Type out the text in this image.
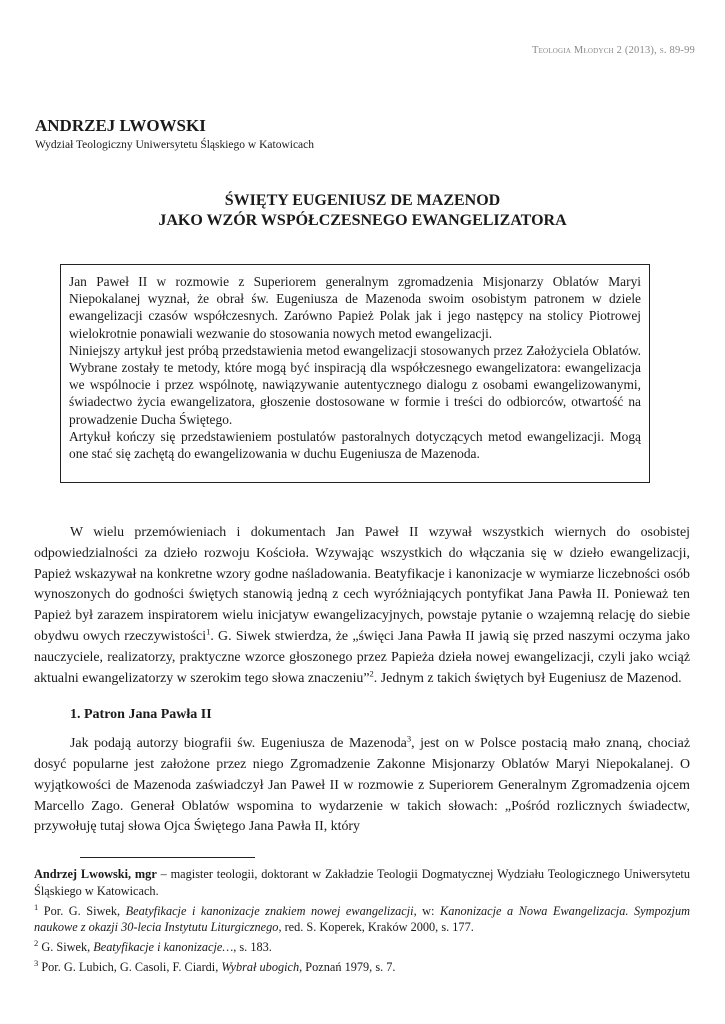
Teologia Młodych 2 (2013), s. 89-99
ANDRZEJ LWOWSKI
Wydział Teologiczny Uniwersytetu Śląskiego w Katowicach
ŚWIĘTY EUGENIUSZ DE MAZENOD
JAKO WZÓR WSPÓŁCZESNEGO EWANGELIZATORA

Jan Paweł II w rozmowie z Superiorem generalnym zgromadzenia Misjonarzy Oblatów Maryi Niepokalanej wyznał, że obrał św. Eugeniusza de Mazenoda swoim osobistym patronem w dziele ewangelizacji czasów współczesnych. Zarówno Papież Polak jak i jego następcy na stolicy Piotrowej wielokrotnie ponawiali wezwanie do stosowania nowych metod ewangelizacji.

Niniejszy artykuł jest próbą przedstawienia metod ewangelizacji stosowanych przez Założyciela Oblatów. Wybrane zostały te metody, które mogą być inspiracją dla współczesnego ewangelizatora: ewangelizacja we wspólnocie i przez wspólnotę, nawiązywanie autentycznego dialogu z osobami ewangelizowanymi, świadectwo życia ewangelizatora, głoszenie dostosowane w formie i treści do odbiorców, otwartość na prowadzenie Ducha Świętego.

Artykuł kończy się przedstawieniem postulatów pastoralnych dotyczących metod ewangelizacji. Mogą one stać się zachętą do ewangelizowania w duchu Eugeniusza de Mazenoda.

W wielu przemówieniach i dokumentach Jan Paweł II wzywał wszystkich wiernych do osobistej odpowiedzialności za dzieło rozwoju Kościoła. Wzywając wszystkich do włączania się w dzieło ewangelizacji, Papież wskazywał na konkretne wzory godne naśladowania. Beatyfikacje i kanonizacje w wymiarze liczebności osób wynoszonych do godności świętych stanowią jedną z cech wyróżniających pontyfikat Jana Pawła II. Ponieważ ten Papież był zarazem inspiratorem wielu inicjatyw ewangelizacyjnych, powstaje pytanie o wzajemną relację do siebie obydwu owych rzeczywistości$^1$. G. Siwek stwierdza, że „święci Jana Pawła II jawią się przed naszymi oczyma jako nauczyciele, realizatorzy, praktyczne wzorce głoszonego przez Papieża dzieła nowej ewangelizacji, czyli jako wciąż aktualni ewangelizatorzy w szerokim tego słowa znaczeniu”$^2$. Jednym z takich świętych był Eugeniusz de Mazenod.

1. Patron Jana Pawła II

Jak podają autorzy biografii św. Eugeniusza de Mazenoda$^3$, jest on w Polsce postacią mało znaną, chociaż dosyć popularne jest założone przez niego Zgromadzenie Zakonne Misjonarzy Oblatów Maryi Niepokalanej. O wyjątkowości de Mazenoda zaświadczył Jan Paweł II w rozmowie z Superiorem Generalnym Zgromadzenia ojcem Marcello Zago. Generał Oblatów wspomina to wydarzenie w takich słowach: „Pośród rozlicznych świadectw, przywołuję tutaj słowa Ojca Świętego Jana Pawła II, który

Andrzej Lwowski, mgr – magister teologii, doktorant w Zakładzie Teologii Dogmatycznej Wydziału Teologicznego Uniwersytetu Śląskiego w Katowicach.

$^1$ Por. G. Siwek, Beatyfikacje i kanonizacje znakiem nowej ewangelizacji, w: Kanonizacje a Nowa Ewangelizacja. Sympozjum naukowe z okazji 30-lecia Instytutu Liturgicznego, red. S. Koperek, Kraków 2000, s. 177.

$^2$ G. Siwek, Beatyfikacje i kanonizacje…, s. 183.

$^3$ Por. G. Lubich, G. Casoli, F. Ciardi, Wybrał ubogich, Poznań 1979, s. 7.
